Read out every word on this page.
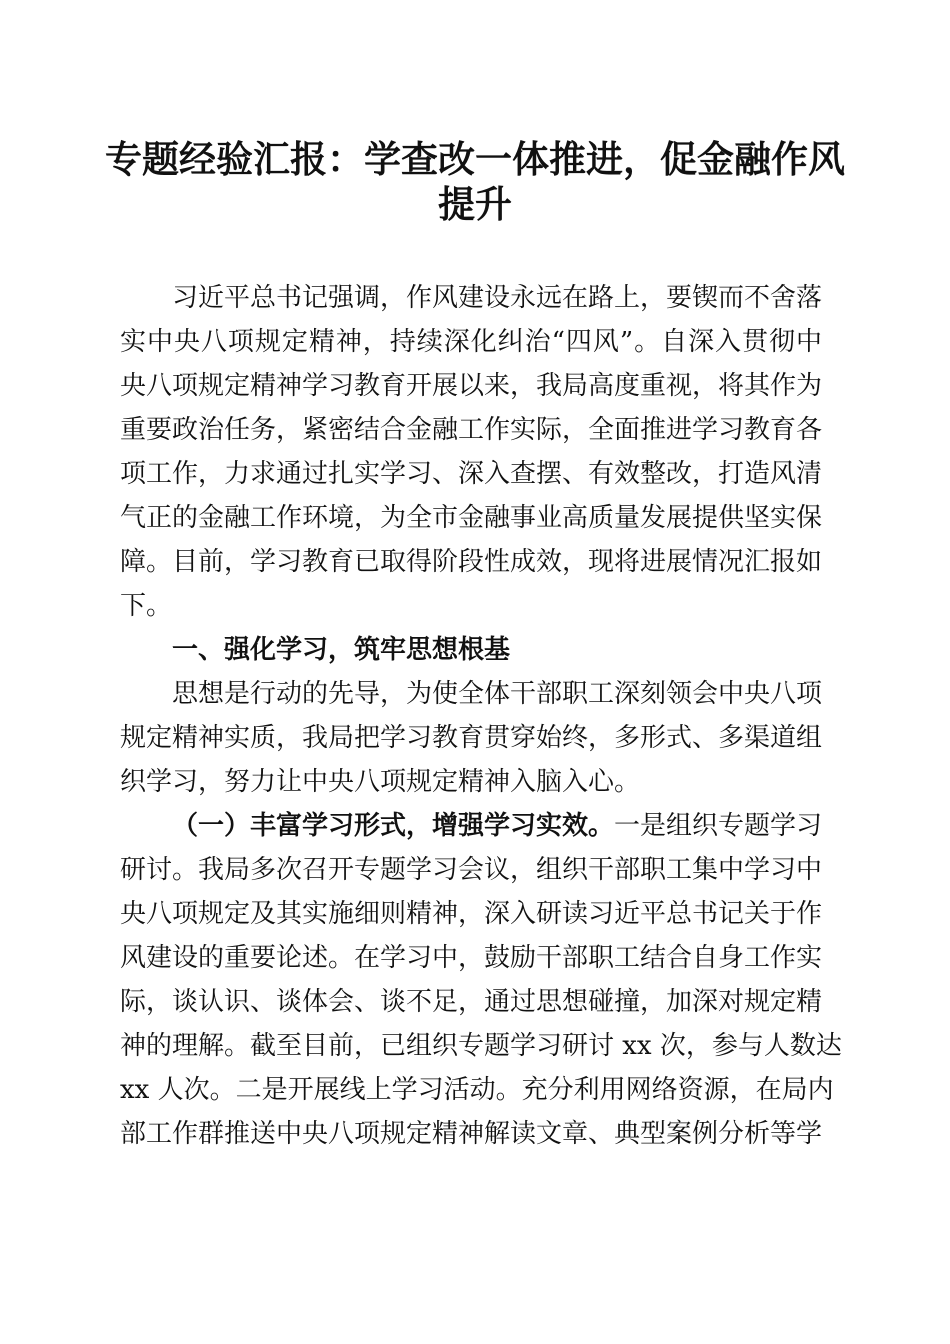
专题经验汇报：学查改一体推进，促金融作风
提升
习近平总书记强调，作风建设永远在路上，要锲而不舍落
实中央八项规定精神，持续深化纠治“四风”。自深入贯彻中
央八项规定精神学习教育开展以来，我局高度重视，将其作为
重要政治任务，紧密结合金融工作实际，全面推进学习教育各
项工作，力求通过扎实学习、深入查摆、有效整改，打造风清
气正的金融工作环境，为全市金融事业高质量发展提供坚实保
障。目前，学习教育已取得阶段性成效，现将进展情况汇报如
下。
一、强化学习，筑牢思想根基
思想是行动的先导，为使全体干部职工深刻领会中央八项
规定精神实质，我局把学习教育贯穿始终，多形式、多渠道组
织学习，努力让中央八项规定精神入脑入心。
（一）丰富学习形式，增强学习实效。一是组织专题学习
研讨。我局多次召开专题学习会议，组织干部职工集中学习中
央八项规定及其实施细则精神，深入研读习近平总书记关于作
风建设的重要论述。在学习中，鼓励干部职工结合自身工作实
际，谈认识、谈体会、谈不足，通过思想碰撞，加深对规定精
神的理解。截至目前，已组织专题学习研讨 xx 次，参与人数达
xx 人次。二是开展线上学习活动。充分利用网络资源，在局内
部工作群推送中央八项规定精神解读文章、典型案例分析等学
